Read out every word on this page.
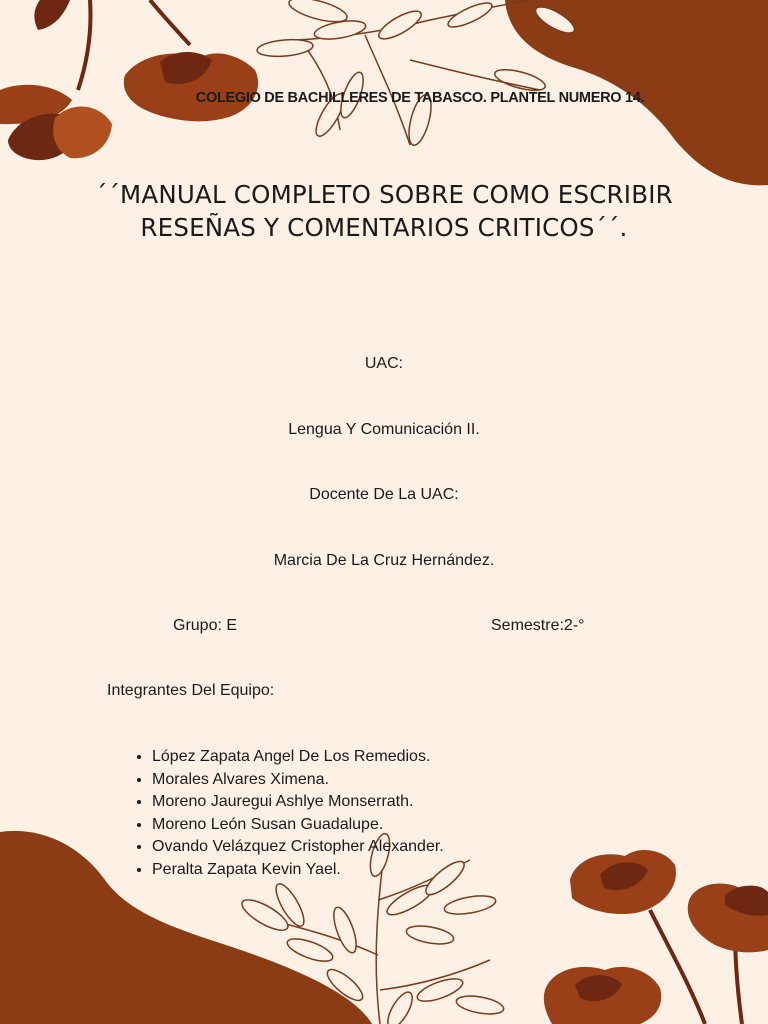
COLEGIO DE BACHILLERES DE TABASCO. PLANTEL NUMERO 14.
´´MANUAL COMPLETO SOBRE COMO ESCRIBIR RESEÑAS Y COMENTARIOS CRITICOS´´.
UAC:
Lengua Y Comunicación II.
Docente De La UAC:
Marcia De La Cruz Hernández.
Grupo: E	Semestre:2-°
Integrantes Del Equipo:
• López Zapata Angel De Los Remedios.
• Morales Alvares Ximena.
• Moreno Jauregui Ashlye Monserrath.
• Moreno León Susan Guadalupe.
• Ovando Velázquez Cristopher Alexander.
• Peralta Zapata Kevin Yael.
